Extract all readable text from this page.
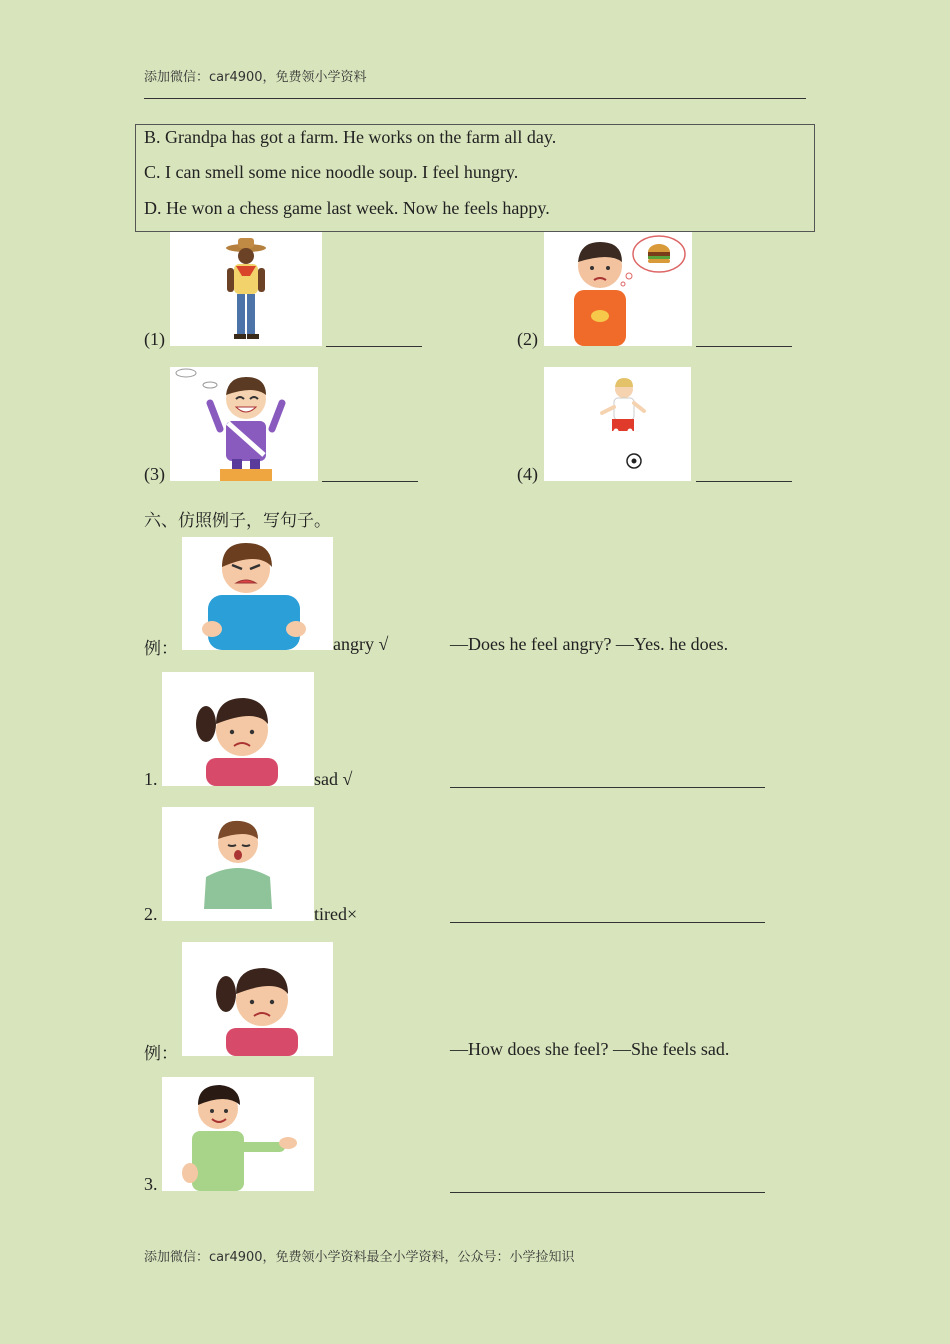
添加微信：car4900，免费领小学资料
B. Grandpa has got a farm. He works on the farm all day.
C. I can smell some nice noodle soup. I feel hungry.
D. He won a chess game last week. Now he feels happy.
(1)	(2)
(3)	(4)
六、仿照例子，写句子。
例：	angry √	—Does he feel angry? —Yes. he does.
1.	sad √
2.	tired×
例：	—How does she feel? —She feels sad.
3.
添加微信：car4900，免费领小学资料最全小学资料，公众号：小学捡知识
